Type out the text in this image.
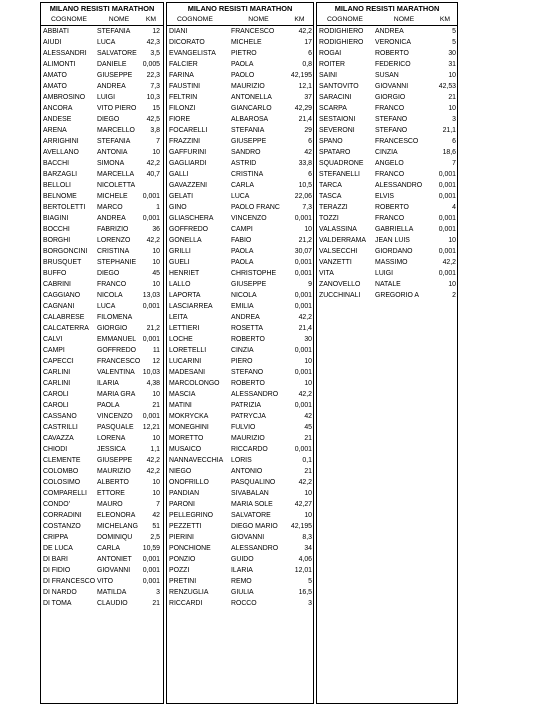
MILANO RESISTI MARATHON
COGNOME	NOME	KM
ABBIATI	STEFANIA	12
AIUDI	LUCA	42,3
ALESSANDRI	SALVATORE	3,5
ALIMONTI	DANIELE	0,005
AMATO	GIUSEPPE	22,3
AMATO	ANDREA	7,3
AMBROSINO	LUIGI	10,3
ANCORA	VITO PIERO	15
ANDESE	DIEGO	42,5
ARENA	MARCELLO	3,8
ARRIGHINI	STEFANIA	7
AVELLANO	ANTONIA	10
BACCHI	SIMONA	42,2
BARZAGLI	MARCELLA	40,7
BELLOLI	NICOLETTA
BELNOME	MICHELE	0,001
BERTOLETTI	MARCO	1
BIAGINI	ANDREA	0,001
BOCCHI	FABRIZIO	36
BORGHI	LORENZO	42,2
BORGONCINI	CRISTINA	10
BRUSQUET	STEPHANIE	10
BUFFO	DIEGO	45
CABRINI	FRANCO	10
CAGGIANO	NICOLA	13,03
CAGNANI	LUCA	0,001
CALABRESE	FILOMENA
CALCATERRA	GIORGIO	21,2
CALVI	EMMANUEL 0,001
CAMPI	GOFFREDO	11
CAPECCI	FRANCESCO	12
CARLINI	VALENTINA	10,03
CARLINI	ILARIA	4,38
CAROLI	MARIA GRA	10
CAROLI	PAOLA	21
CASSANO	VINCENZO	0,001
CASTRILLI	PASQUALE	12,21
CAVAZZA	LORENA	10
CHIODI	JESSICA	1,1
CLEMENTE	GIUSEPPE	42,2
COLOMBO	MAURIZIO	42,2
COLOSIMO	ALBERTO	10
COMPARELLI	ETTORE	10
CONDO'	MAURO	7
CORRADINI	ELEONORA	42
COSTANZO	MICHELANG	51
CRIPPA	DOMINIQU	2,5
DE LUCA	CARLA	10,59
DI BARI	ANTONIET	0,001
DI FIDIO	GIOVANNI	0,001
DI FRANCESCO VITO	0,001
DI NARDO	MATILDA	3
DI TOMA	CLAUDIO	21
MILANO RESISTI MARATHON
COGNOME	NOME	KM
DIANI	FRANCESCO	42,2
DICORATO	MICHELE	17
EVANGELISTA	PIETRO	6
FALCIER	PAOLA	0,8
FARINA	PAOLO	42,195
FAUSTINI	MAURIZIO	12,1
FELTRIN	ANTONELLA	37
FILONZI	GIANCARLO	42,29
FIORE	ALBAROSA	21,4
FOCARELLI	STEFANIA	29
FRAZZINI	GIUSEPPE	6
GAFFURINI	SANDRO	42
GAGLIARDI	ASTRID	33,8
GALLI	CRISTINA	6
GAVAZZENI	CARLA	10,5
GELATI	LUCA	22,06
GINO	PAOLO FRANC	7,3
GLIASCHERA	VINCENZO	0,001
GOFFREDO	CAMPI	10
GONELLA	FABIO	21,2
GRILLI	PAOLA	30,07
GUELI	PAOLA	0,001
HENRIET	CHRISTOPHE	0,001
LALLO	GIUSEPPE	9
LAPORTA	NICOLA	0,001
LASCIARREA	EMILIA	0,001
LEITA	ANDREA	42,2
LETTIERI	ROSETTA	21,4
LOCHE	ROBERTO	30
LORETELLI	CINZIA	0,001
LUCARINI	PIERO	10
MADESANI	STEFANO	0,001
MARCOLONGO	ROBERTO	10
MASCIA	ALESSANDRO	42,2
MATINI	PATRIZIA	0,001
MOKRYCKA	PATRYCJA	42
MONEGHINI	FULVIO	45
MORETTO	MAURIZIO	21
MUSAICO	RICCARDO	0,001
NANNAVECCHIA	LORIS	0,1
NIEGO	ANTONIO	21
ONOFRILLO	PASQUALINO	42,2
PANDIAN	SIVABALAN	10
PARONI	MARIA SOLE	42,27
PELLEGRINO	SALVATORE	10
PEZZETTI	DIEGO MARIO	42,195
PIERINI	GIOVANNI	8,3
PONCHIONE	ALESSANDRO	34
PONZIO	GUIDO	4,06
POZZI	ILARIA	12,01
PRETINI	REMO	5
RENZUGLIA	GIULIA	16,5
RICCARDI	ROCCO	3
MILANO RESISTI MARATHON
COGNOME	NOME	KM
RODIGHIERO	ANDREA	5
RODIGHIERO	VERONICA	5
ROGAI	ROBERTO	30
ROITER	FEDERICO	31
SAINI	SUSAN	10
SANTOVITO	GIOVANNI	42,53
SARACINI	GIORGIO	21
SCARPA	FRANCO	10
SESTAIONI	STEFANO	3
SEVERONI	STEFANO	21,1
SPANO	FRANCESCO	6
SPATARO	CINZIA	18,6
SQUADRONE	ANGELO	7
STEFANELLI	FRANCO	0,001
TARCA	ALESSANDRO	0,001
TASCA	ELVIS	0,001
TERAZZI	ROBERTO	4
TOZZI	FRANCO	0,001
VALASSINA	GABRIELLA	0,001
VALDERRAMA	JEAN LUIS	10
VALSECCHI	GIORDANO	0,001
VANZETTI	MASSIMO	42,2
VITA	LUIGI	0,001
ZANOVELLO	NATALE	10
ZUCCHINALI	GREGORIO A	2
